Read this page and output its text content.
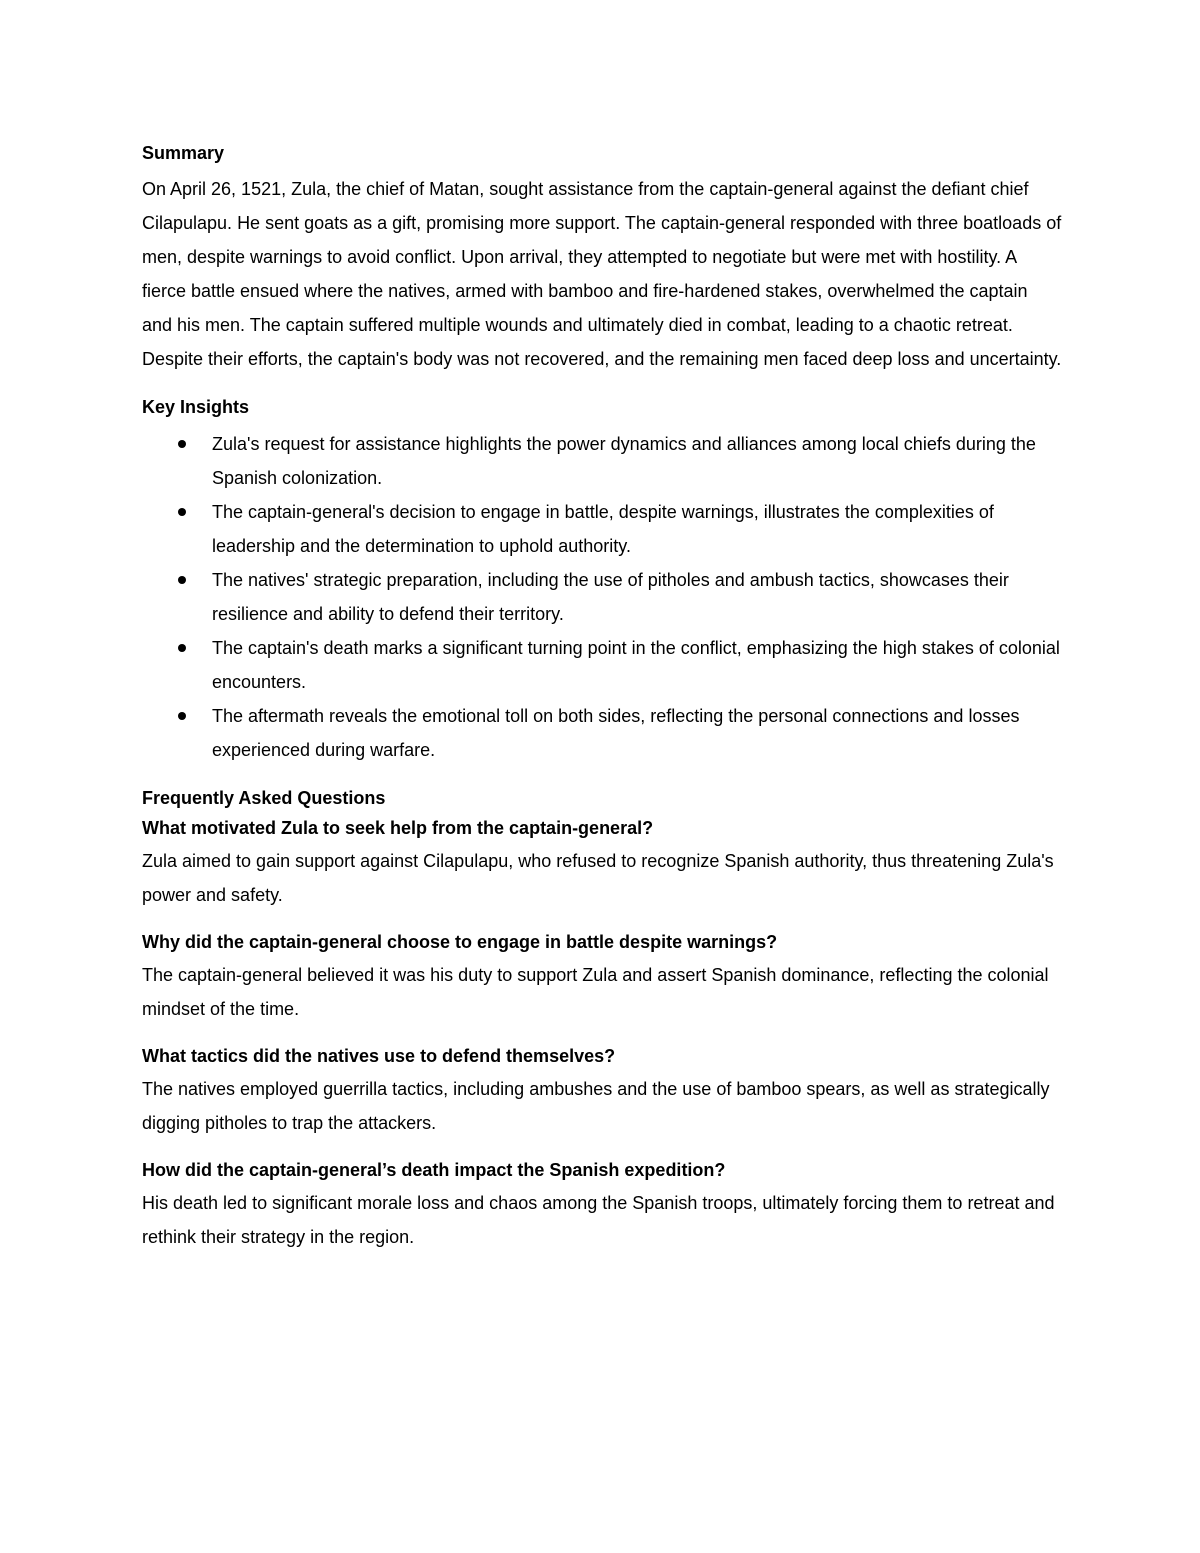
Summary

On April 26, 1521, Zula, the chief of Matan, sought assistance from the captain-general against the defiant chief Cilapulapu. He sent goats as a gift, promising more support. The captain-general responded with three boatloads of men, despite warnings to avoid conflict. Upon arrival, they attempted to negotiate but were met with hostility. A fierce battle ensued where the natives, armed with bamboo and fire-hardened stakes, overwhelmed the captain and his men. The captain suffered multiple wounds and ultimately died in combat, leading to a chaotic retreat. Despite their efforts, the captain's body was not recovered, and the remaining men faced deep loss and uncertainty.

Key Insights
Zula's request for assistance highlights the power dynamics and alliances among local chiefs during the Spanish colonization.
The captain-general's decision to engage in battle, despite warnings, illustrates the complexities of leadership and the determination to uphold authority.
The natives' strategic preparation, including the use of pitholes and ambush tactics, showcases their resilience and ability to defend their territory.
The captain's death marks a significant turning point in the conflict, emphasizing the high stakes of colonial encounters.
The aftermath reveals the emotional toll on both sides, reflecting the personal connections and losses experienced during warfare.
Frequently Asked Questions

What motivated Zula to seek help from the captain-general?

Zula aimed to gain support against Cilapulapu, who refused to recognize Spanish authority, thus threatening Zula's power and safety.

Why did the captain-general choose to engage in battle despite warnings?

The captain-general believed it was his duty to support Zula and assert Spanish dominance, reflecting the colonial mindset of the time.

What tactics did the natives use to defend themselves?

The natives employed guerrilla tactics, including ambushes and the use of bamboo spears, as well as strategically digging pitholes to trap the attackers.

How did the captain-general’s death impact the Spanish expedition?

His death led to significant morale loss and chaos among the Spanish troops, ultimately forcing them to retreat and rethink their strategy in the region.
